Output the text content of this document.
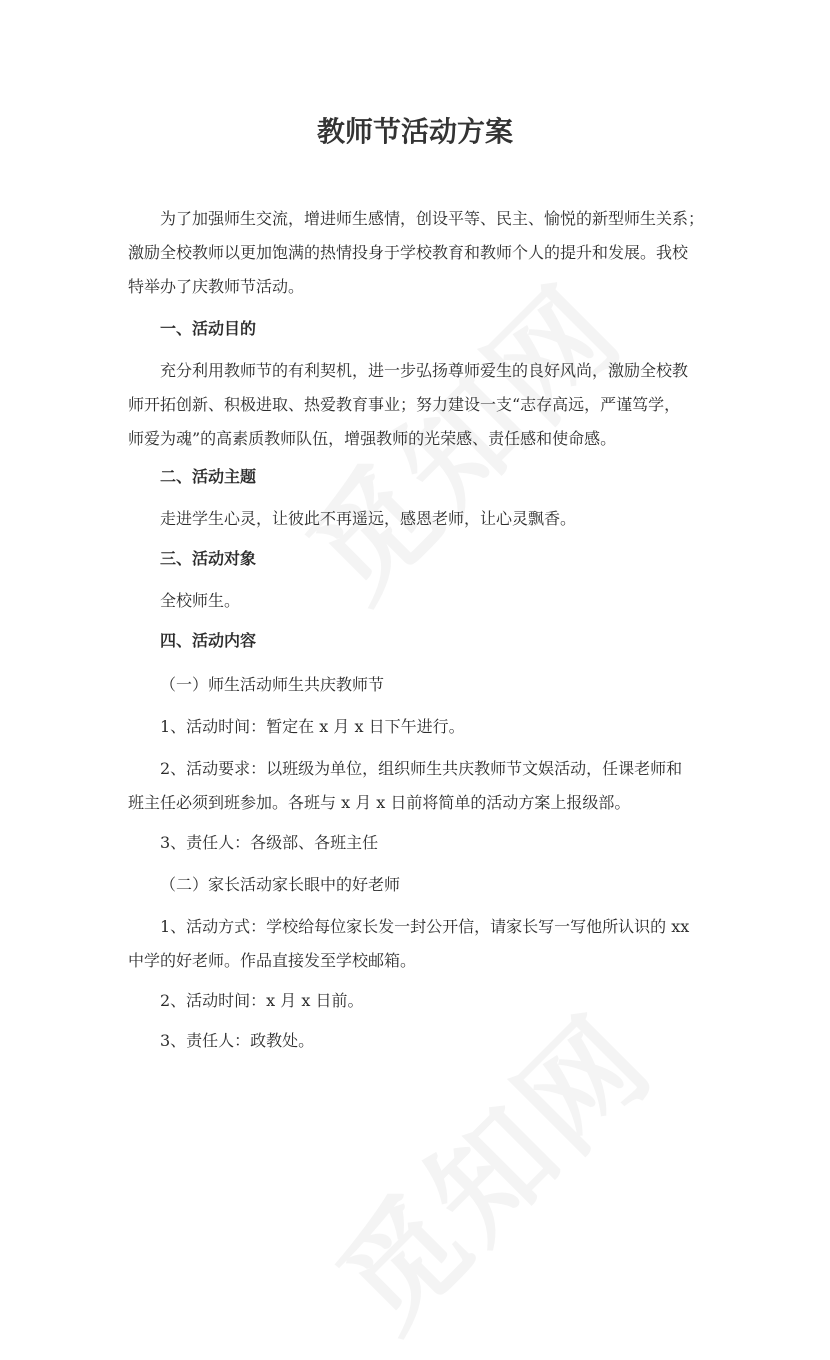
教师节活动方案

为了加强师生交流，增进师生感情，创设平等、民主、愉悦的新型师生关系；

激励全校教师以更加饱满的热情投身于学校教育和教师个人的提升和发展。我校

特举办了庆教师节活动。

一、活动目的

充分利用教师节的有利契机，进一步弘扬尊师爱生的良好风尚，激励全校教

师开拓创新、积极进取、热爱教育事业；努力建设一支“志存高远，严谨笃学，

师爱为魂”的高素质教师队伍，增强教师的光荣感、责任感和使命感。

二、活动主题

走进学生心灵，让彼此不再遥远，感恩老师，让心灵飘香。

三、活动对象

全校师生。

四、活动内容

（一）师生活动师生共庆教师节

1、活动时间：暂定在 x 月 x 日下午进行。

2、活动要求：以班级为单位，组织师生共庆教师节文娱活动，任课老师和

班主任必须到班参加。各班与 x 月 x 日前将简单的活动方案上报级部。

3、责任人：各级部、各班主任

（二）家长活动家长眼中的好老师

1、活动方式：学校给每位家长发一封公开信，请家长写一写他所认识的 xx

中学的好老师。作品直接发至学校邮箱。

2、活动时间：x 月 x 日前。

3、责任人：政教处。
